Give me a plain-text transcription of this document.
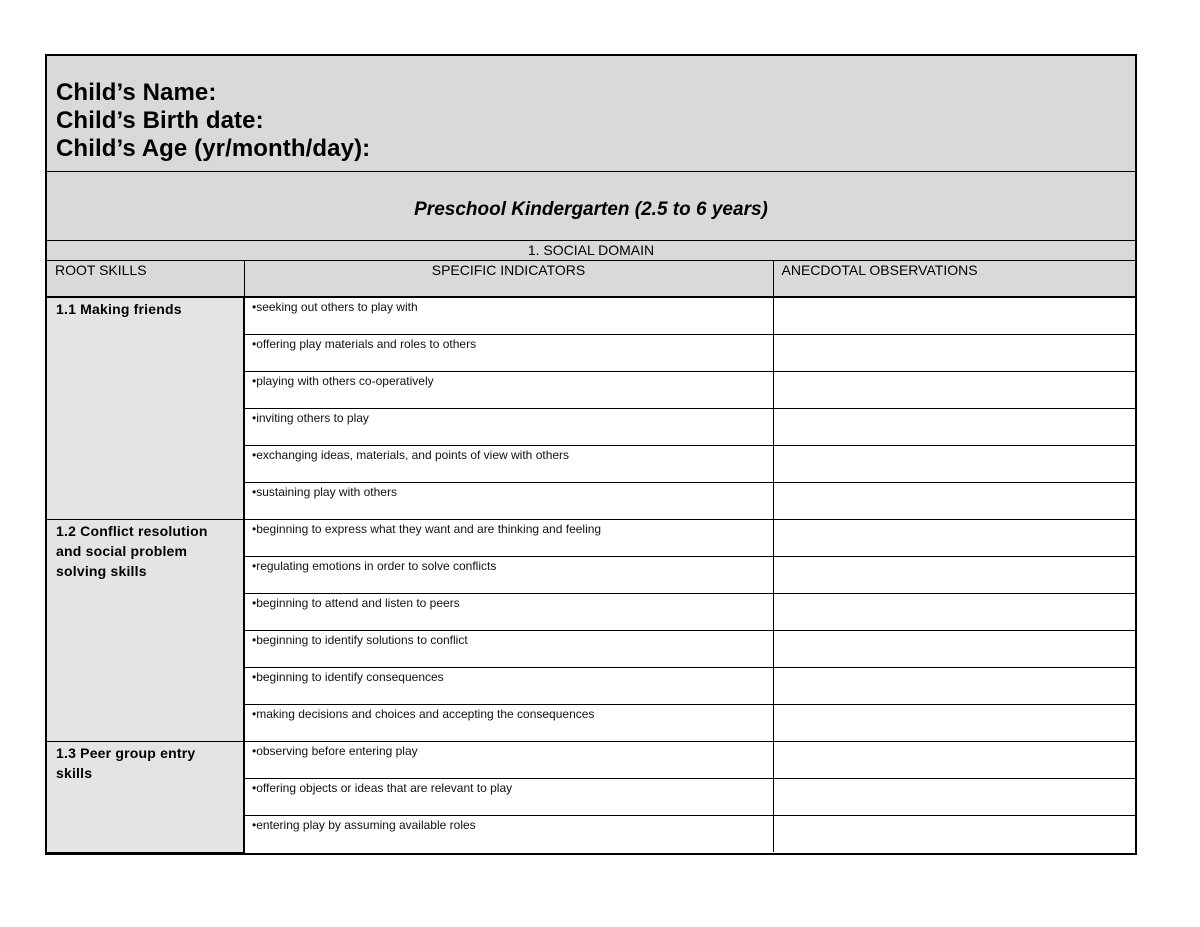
Child’s Name:
Child’s Birth date:
Child’s Age (yr/month/day):
Preschool Kindergarten (2.5 to 6 years)
1. SOCIAL DOMAIN
ROOT SKILLS	SPECIFIC INDICATORS	ANECDOTAL OBSERVATIONS
1.1 Making friends	• seeking out others to play with	
	• offering play materials and roles to others	
	• playing with others co-operatively	
	• inviting others to play	
	• exchanging ideas, materials, and points of view with others	
	• sustaining play with others	
1.2 Conflict resolution and social problem solving skills	• beginning to express what they want and are thinking and feeling	
	• regulating emotions in order to solve conflicts	
	• beginning to attend and listen to peers	
	• beginning to identify solutions to conflict	
	• beginning to identify consequences	
	• making decisions and choices and accepting the consequences	
1.3 Peer group entry skills	• observing before entering play	
	• offering objects or ideas that are relevant to play	
	• entering play by assuming available roles	
